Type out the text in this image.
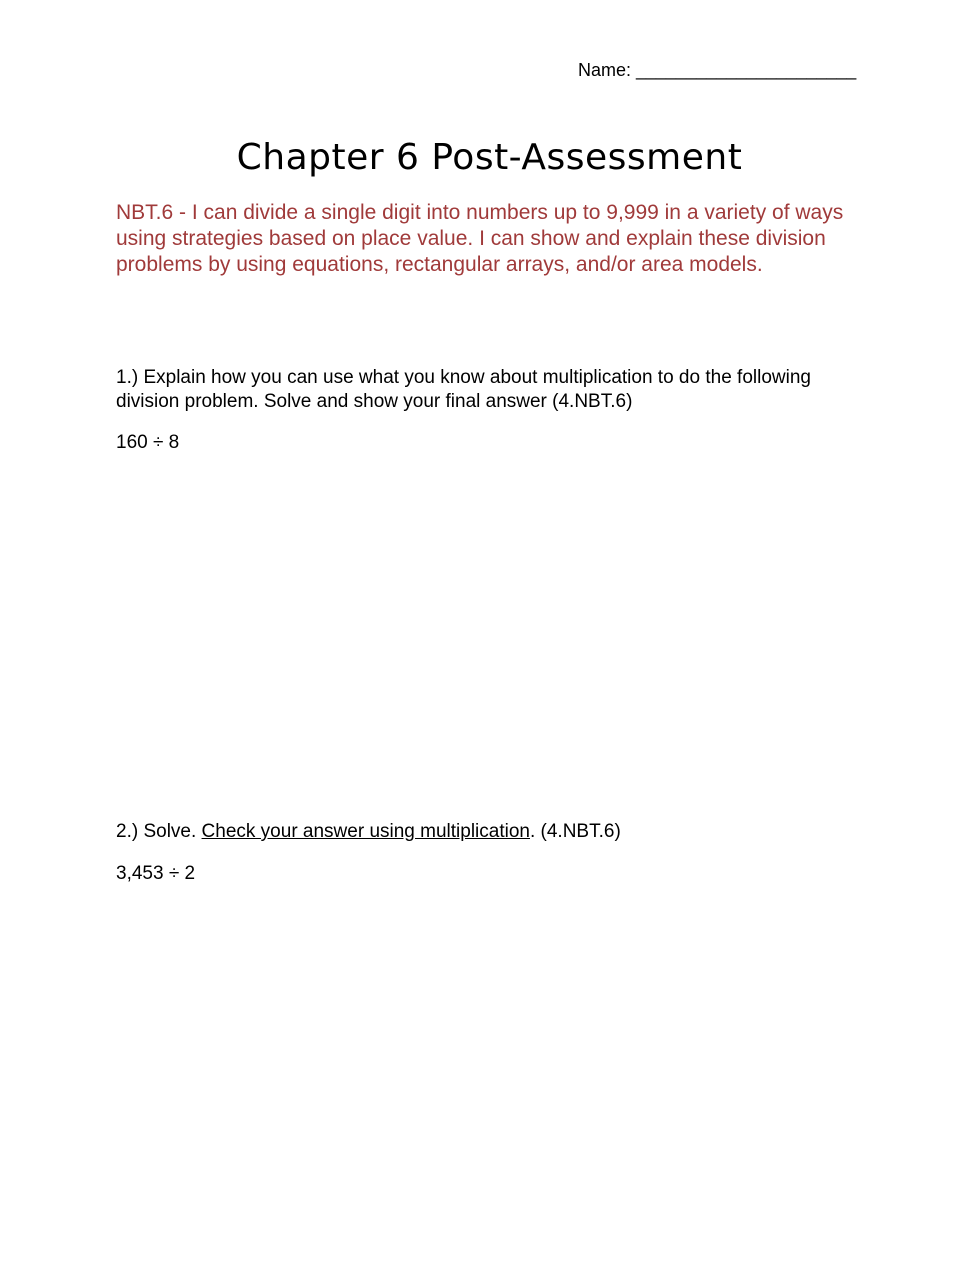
Name: ______________________
Chapter 6 Post-Assessment
NBT.6 - I can divide a single digit into numbers up to 9,999 in a variety of ways using strategies based on place value. I can show and explain these division problems by using equations, rectangular arrays, and/or area models.
1.) Explain how you can use what you know about multiplication to do the following division problem. Solve and show your final answer (4.NBT.6)
160 ÷ 8
2.) Solve. Check your answer using multiplication. (4.NBT.6)
3,453 ÷ 2
